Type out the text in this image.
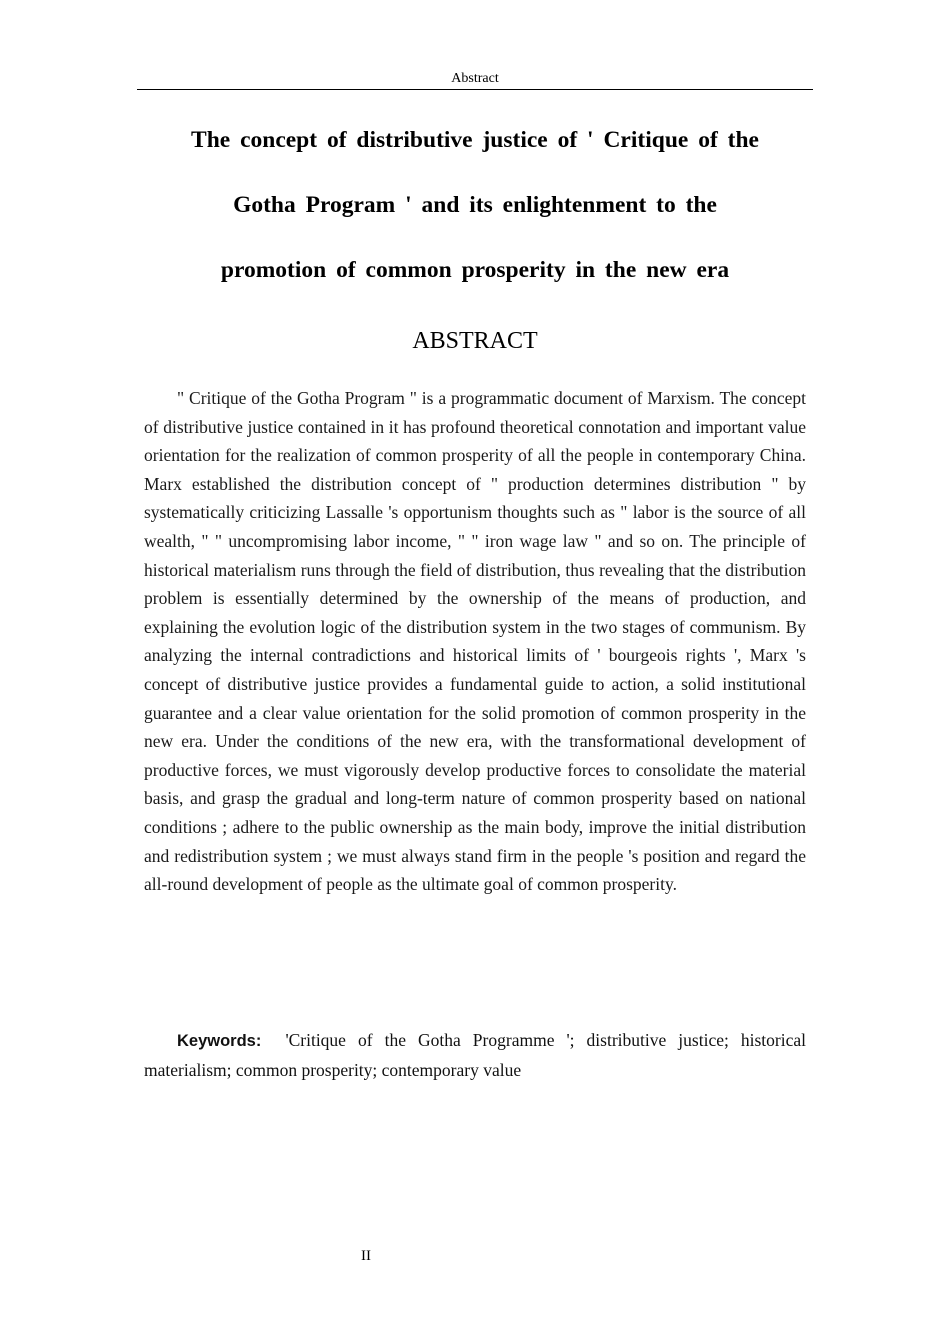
Abstract
The concept of distributive justice of ' Critique of the
Gotha Program ' and its enlightenment to the
promotion of common prosperity in the new era
ABSTRACT

" Critique of the Gotha Program " is a programmatic document of Marxism. The concept of distributive justice contained in it has profound theoretical connotation and important value orientation for the realization of common prosperity of all the people in contemporary China. Marx established the distribution concept of " production determines distribution " by systematically criticizing Lassalle 's opportunism thoughts such as " labor is the source of all wealth, " " uncompromising labor income, " " iron wage law " and so on. The principle of historical materialism runs through the field of distribution, thus revealing that the distribution problem is essentially determined by the ownership of the means of production, and explaining the evolution logic of the distribution system in the two stages of communism. By analyzing the internal contradictions and historical limits of ' bourgeois rights ', Marx 's concept of distributive justice provides a fundamental guide to action, a solid institutional guarantee and a clear value orientation for the solid promotion of common prosperity in the new era. Under the conditions of the new era, with the transformational development of productive forces, we must vigorously develop productive forces to consolidate the material basis, and grasp the gradual and long-term nature of common prosperity based on national conditions ; adhere to the public ownership as the main body, improve the initial distribution and redistribution system ; we must always stand firm in the people 's position and regard the all-round development of people as the ultimate goal of common prosperity.

Keywords: 'Critique of the Gotha Programme '; distributive justice; historical materialism; common prosperity; contemporary value

II
